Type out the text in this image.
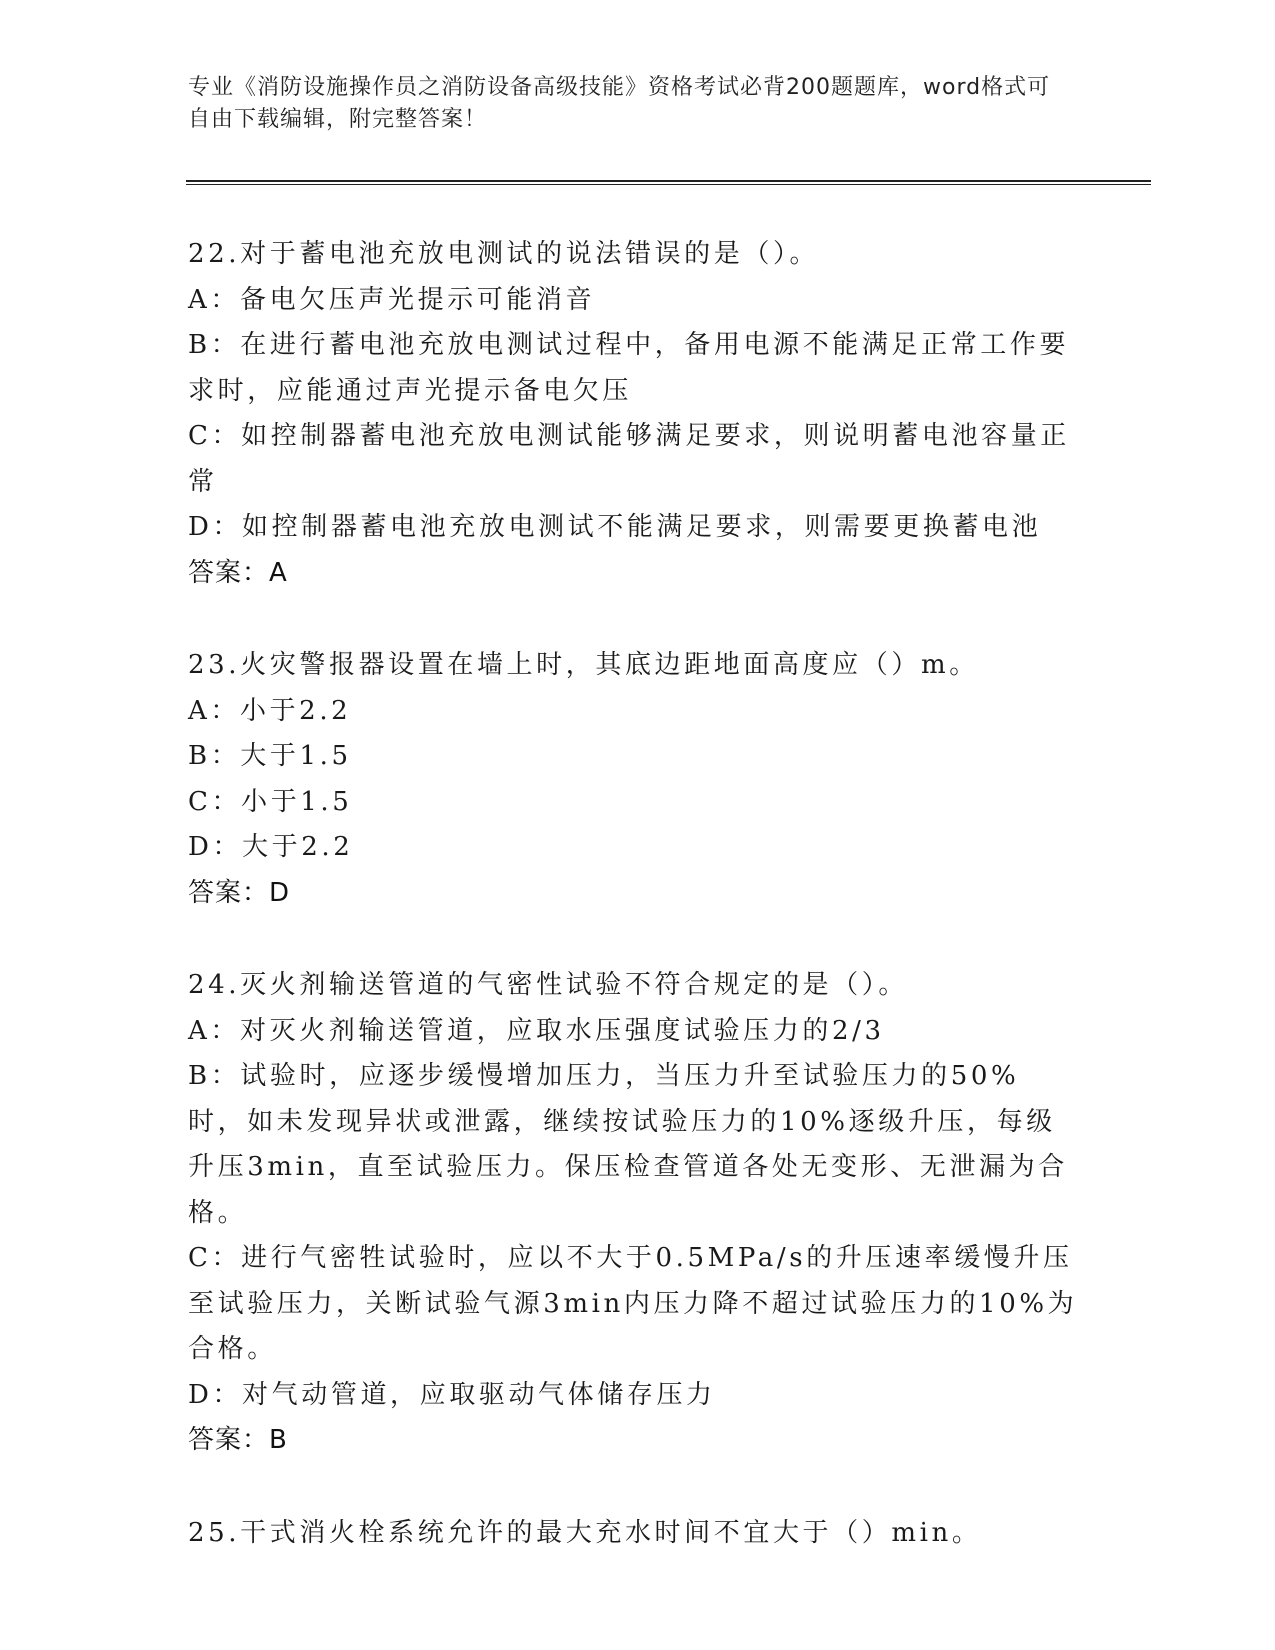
专业《消防设施操作员之消防设备高级技能》资格考试必背200题题库，word格式可自由下载编辑，附完整答案！

22.对于蓄电池充放电测试的说法错误的是（）。

A：备电欠压声光提示可能消音

B：在进行蓄电池充放电测试过程中，备用电源不能满足正常工作要求时，应能通过声光提示备电欠压

C：如控制器蓄电池充放电测试能够满足要求，则说明蓄电池容量正常

D：如控制器蓄电池充放电测试不能满足要求，则需要更换蓄电池

答案：A

23.火灾警报器设置在墙上时，其底边距地面高度应（）m。

A：小于2.2

B：大于1.5

C：小于1.5

D：大于2.2

答案：D

24.灭火剂输送管道的气密性试验不符合规定的是（）。

A：对灭火剂输送管道，应取水压强度试验压力的2/3

B：试验时，应逐步缓慢增加压力，当压力升至试验压力的50%时，如未发现异状或泄露，继续按试验压力的10%逐级升压，每级升压3min，直至试验压力。保压检查管道各处无变形、无泄漏为合格。

C：进行气密牲试验时，应以不大于0.5MPa/s的升压速率缓慢升压至试验压力，关断试验气源3min内压力降不超过试验压力的10%为合格。

D：对气动管道，应取驱动气体储存压力

答案：B

25.干式消火栓系统允许的最大充水时间不宜大于（）min。
